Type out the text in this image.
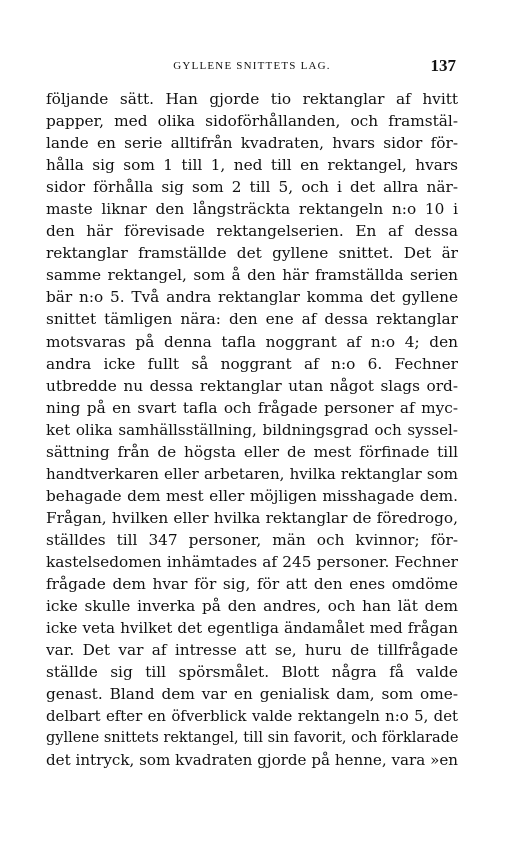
GYLLENE SNITTETS LAG.	137
följande sätt. Han gjorde tio rektanglar af hvitt
papper, med olika sidoförhållanden, och framstäl-
lande en serie alltifrån kvadraten, hvars sidor för-
hålla sig som 1 till 1, ned till en rektangel, hvars
sidor förhålla sig som 2 till 5, och i det allra när-
maste liknar den långsträckta rektangeln n:o 10 i
den här förevisade rektangelserien. En af dessa
rektanglar framställde det gyllene snittet. Det är
samme rektangel, som å den här framställda serien
bär n:o 5. Två andra rektanglar komma det gyllene
snittet tämligen nära: den ene af dessa rektanglar
motsvaras på denna tafla noggrant af n:o 4; den
andra icke fullt så noggrant af n:o 6. Fechner
utbredde nu dessa rektanglar utan något slags ord-
ning på en svart tafla och frågade personer af myc-
ket olika samhällsställning, bildningsgrad och syssel-
sättning från de högsta eller de mest förfinade till
handtverkaren eller arbetaren, hvilka rektanglar som
behagade dem mest eller möjligen misshagade dem.
Frågan, hvilken eller hvilka rektanglar de föredrogo,
ställdes till 347 personer, män och kvinnor; för-
kastelsedomen inhämtades af 245 personer. Fechner
frågade dem hvar för sig, för att den enes omdöme
icke skulle inverka på den andres, och han lät dem
icke veta hvilket det egentliga ändamålet med frågan
var. Det var af intresse att se, huru de tillfrågade
ställde sig till spörsmålet. Blott några få valde
genast. Bland dem var en genialisk dam, som ome-
delbart efter en öfverblick valde rektangeln n:o 5, det
gyllene snittets rektangel, till sin favorit, och förklarade
det intryck, som kvadraten gjorde på henne, vara »en
